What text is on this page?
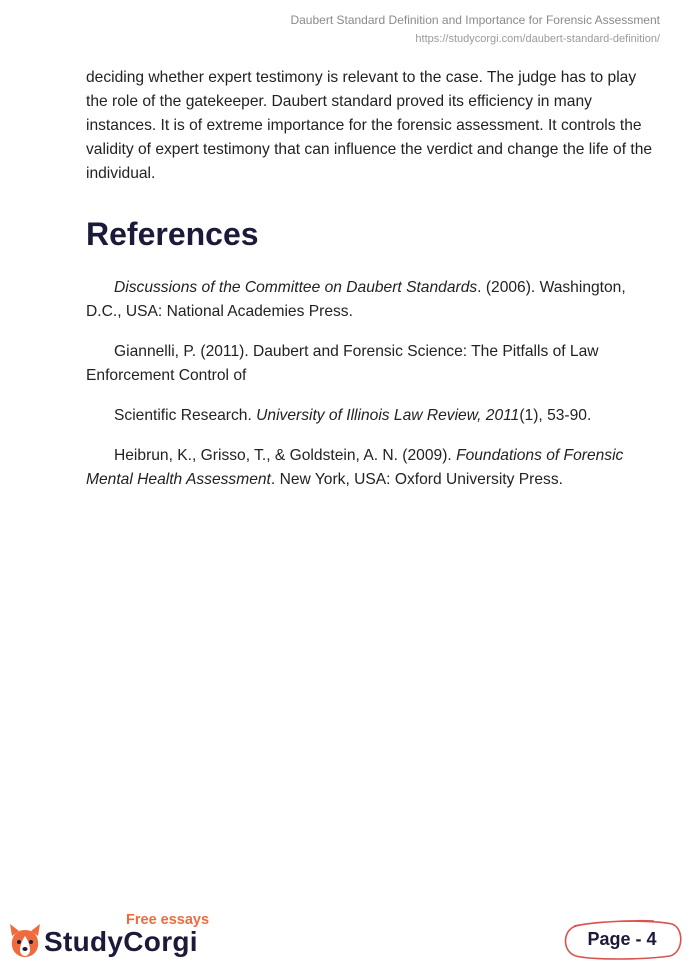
Daubert Standard Definition and Importance for Forensic Assessment
https://studycorgi.com/daubert-standard-definition/

deciding whether expert testimony is relevant to the case. The judge has to play the role of the gatekeeper. Daubert standard proved its efficiency in many instances. It is of extreme importance for the forensic assessment. It controls the validity of expert testimony that can influence the verdict and change the life of the individual.

References

Discussions of the Committee on Daubert Standards. (2006). Washington, D.C., USA: National Academies Press.

Giannelli, P. (2011). Daubert and Forensic Science: The Pitfalls of Law Enforcement Control of

Scientific Research. University of Illinois Law Review, 2011(1), 53-90.

Heibrun, K., Grisso, T., & Goldstein, A. N. (2009). Foundations of Forensic Mental Health Assessment. New York, USA: Oxford University Press.

Free essays
StudyCorgi	Page - 4
